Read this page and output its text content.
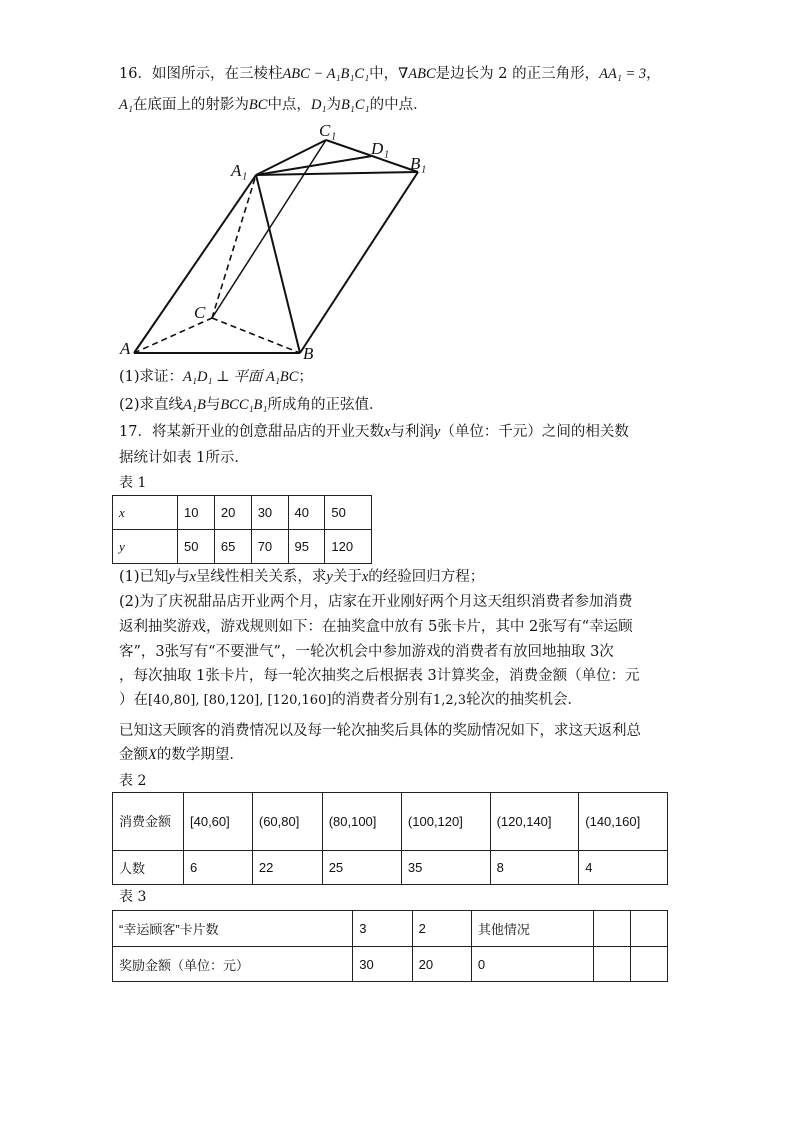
16．如图所示，在三棱柱ABC − A₁B₁C₁中，∇ABC是边长为 2 的正三角形，AA₁ = 3，
A₁在底面上的射影为BC中点，D₁为B₁C₁的中点．
A	B
C
A₁	B₁
C₁
D₁
(1)求证：A₁D₁ ⊥ 平面 A₁BC；
(2)求直线A₁B与BCC₁B₁所成角的正弦值．
17．将某新开业的创意甜品店的开业天数x与利润y（单位：千元）之间的相关数
据统计如表 1所示．
表 1
x	10	20	30	40	50
y	50	65	70	95	120
(1)已知y与x呈线性相关关系，求y关于x的经验回归方程；
(2)为了庆祝甜品店开业两个月，店家在开业刚好两个月这天组织消费者参加消费
返利抽奖游戏，游戏规则如下：在抽奖盒中放有 5张卡片，其中 2张写有“幸运顾
客”，3张写有“不要泄气”，一轮次机会中参加游戏的消费者有放回地抽取 3次
，每次抽取 1张卡片，每一轮次抽奖之后根据表 3计算奖金，消费金额（单位：元
）在[40,80], [80,120], [120,160]的消费者分别有1,2,3轮次的抽奖机会．
已知这天顾客的消费情况以及每一轮次抽奖后具体的奖励情况如下，求这天返利总
金额X的数学期望．
表 2
消费金额	[40,60]	(60,80]	(80,100]	(100,120]	(120,140]	(140,160]
人数	6	22	25	35	8	4
表 3
“幸运顾客”卡片数	3	2	其他情况		
奖励金额（单位：元）	30	20	0		
